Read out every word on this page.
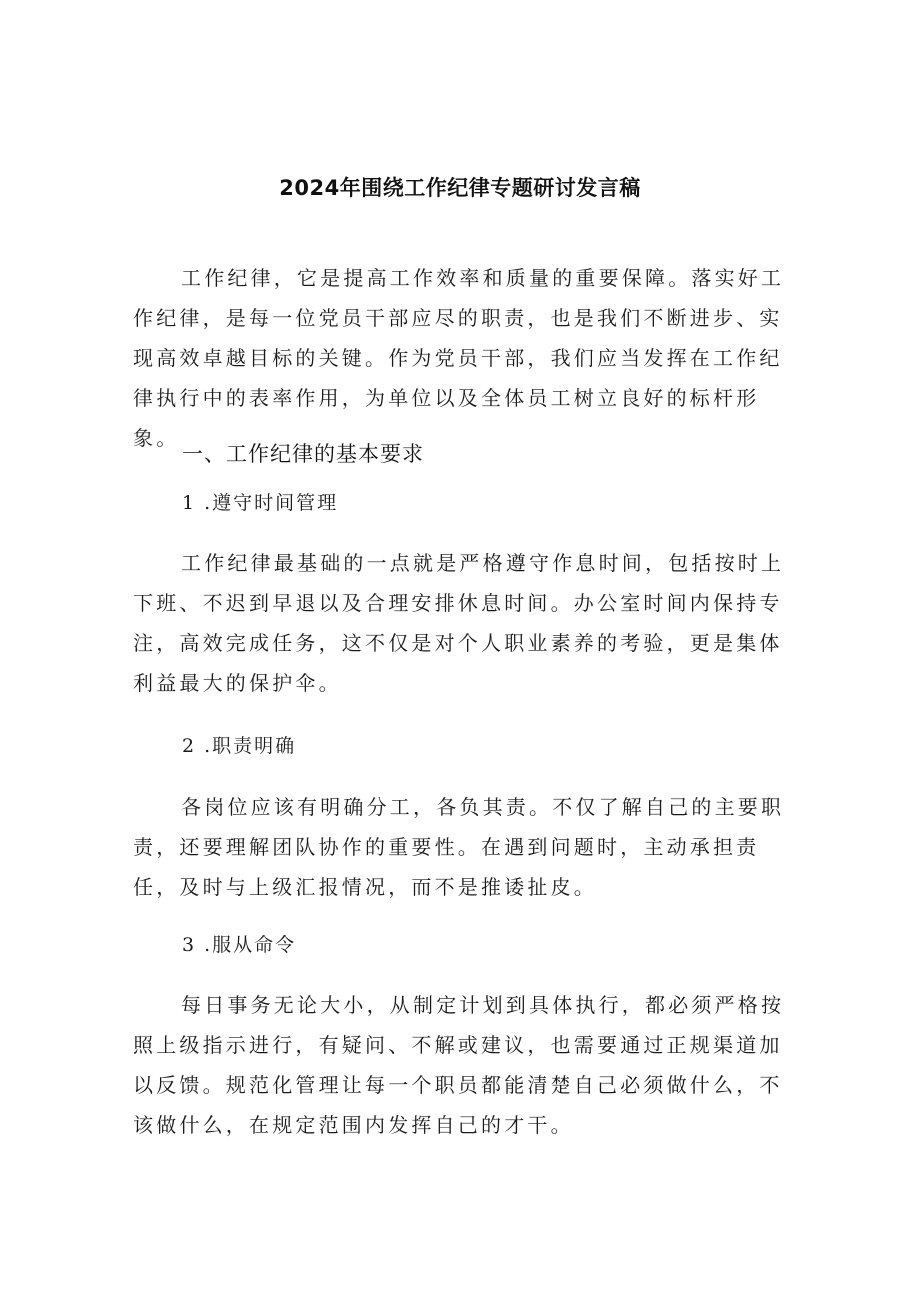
2024年围绕工作纪律专题研讨发言稿

工作纪律，它是提高工作效率和质量的重要保障。落实好工作纪律，是每一位党员干部应尽的职责，也是我们不断进步、实现高效卓越目标的关键。作为党员干部，我们应当发挥在工作纪律执行中的表率作用，为单位以及全体员工树立良好的标杆形象。

一、工作纪律的基本要求
1 .遵守时间管理

工作纪律最基础的一点就是严格遵守作息时间，包括按时上下班、不迟到早退以及合理安排休息时间。办公室时间内保持专注，高效完成任务，这不仅是对个人职业素养的考验，更是集体利益最大的保护伞。

2 .职责明确

各岗位应该有明确分工，各负其责。不仅了解自己的主要职责，还要理解团队协作的重要性。在遇到问题时，主动承担责任，及时与上级汇报情况，而不是推诿扯皮。

3 .服从命令

每日事务无论大小，从制定计划到具体执行，都必须严格按照上级指示进行，有疑问、不解或建议，也需要通过正规渠道加以反馈。规范化管理让每一个职员都能清楚自己必须做什么，不该做什么，在规定范围内发挥自己的才干。
